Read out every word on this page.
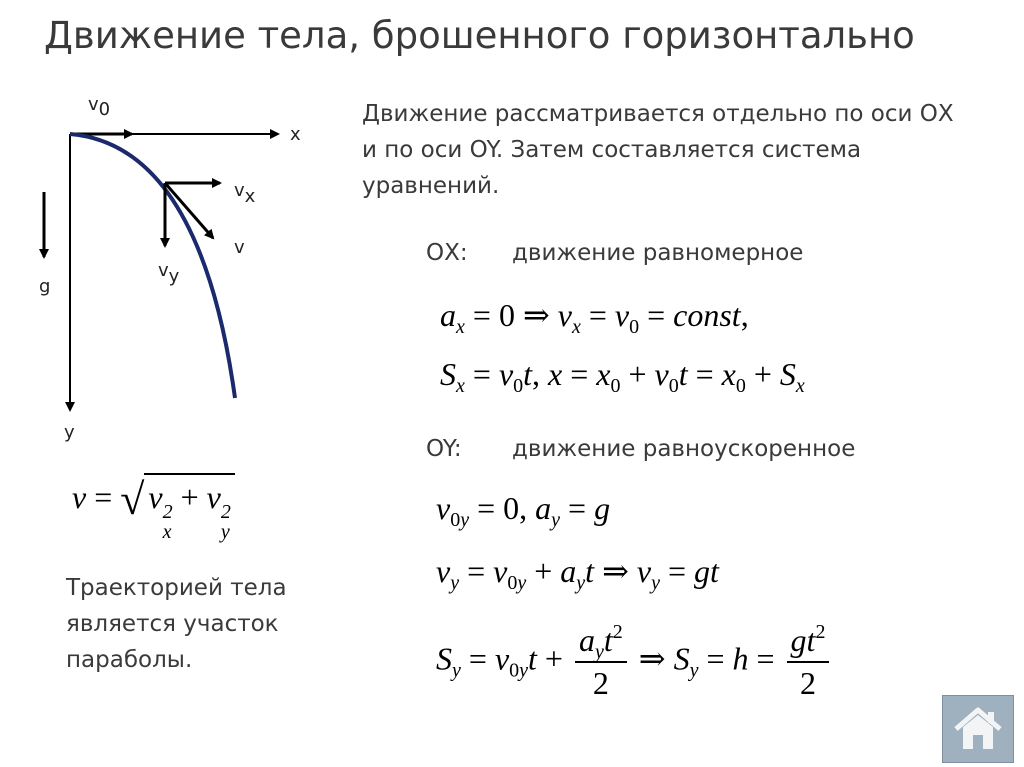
Движение тела, брошенного горизонтально
v0
x
vx
v
vy
g
y
Движение рассматривается отдельно по оси ОХ и по оси OY. Затем составляется система уравнений.
ОХ: движение равномерное
$a_x = 0$ ⇒ $v_x = v_0$ = const,
$S_x = v_0t$, $x = x_0 + v_0t = x_0 + S_x$
OY: движение равноускоренное
$v_{0y} = 0$, $a_y = g$
$v_y = v_{0y} + a_yt$ ⇒ $v_y$ = gt
$S_y = v_{0y}t + \frac{a_yt^2}{2}$ ⇒ $S_y = h = \frac{gt^2}{2}$
v = √ v 2
x
+ v 2
y
Траекторией тела является участок параболы.
